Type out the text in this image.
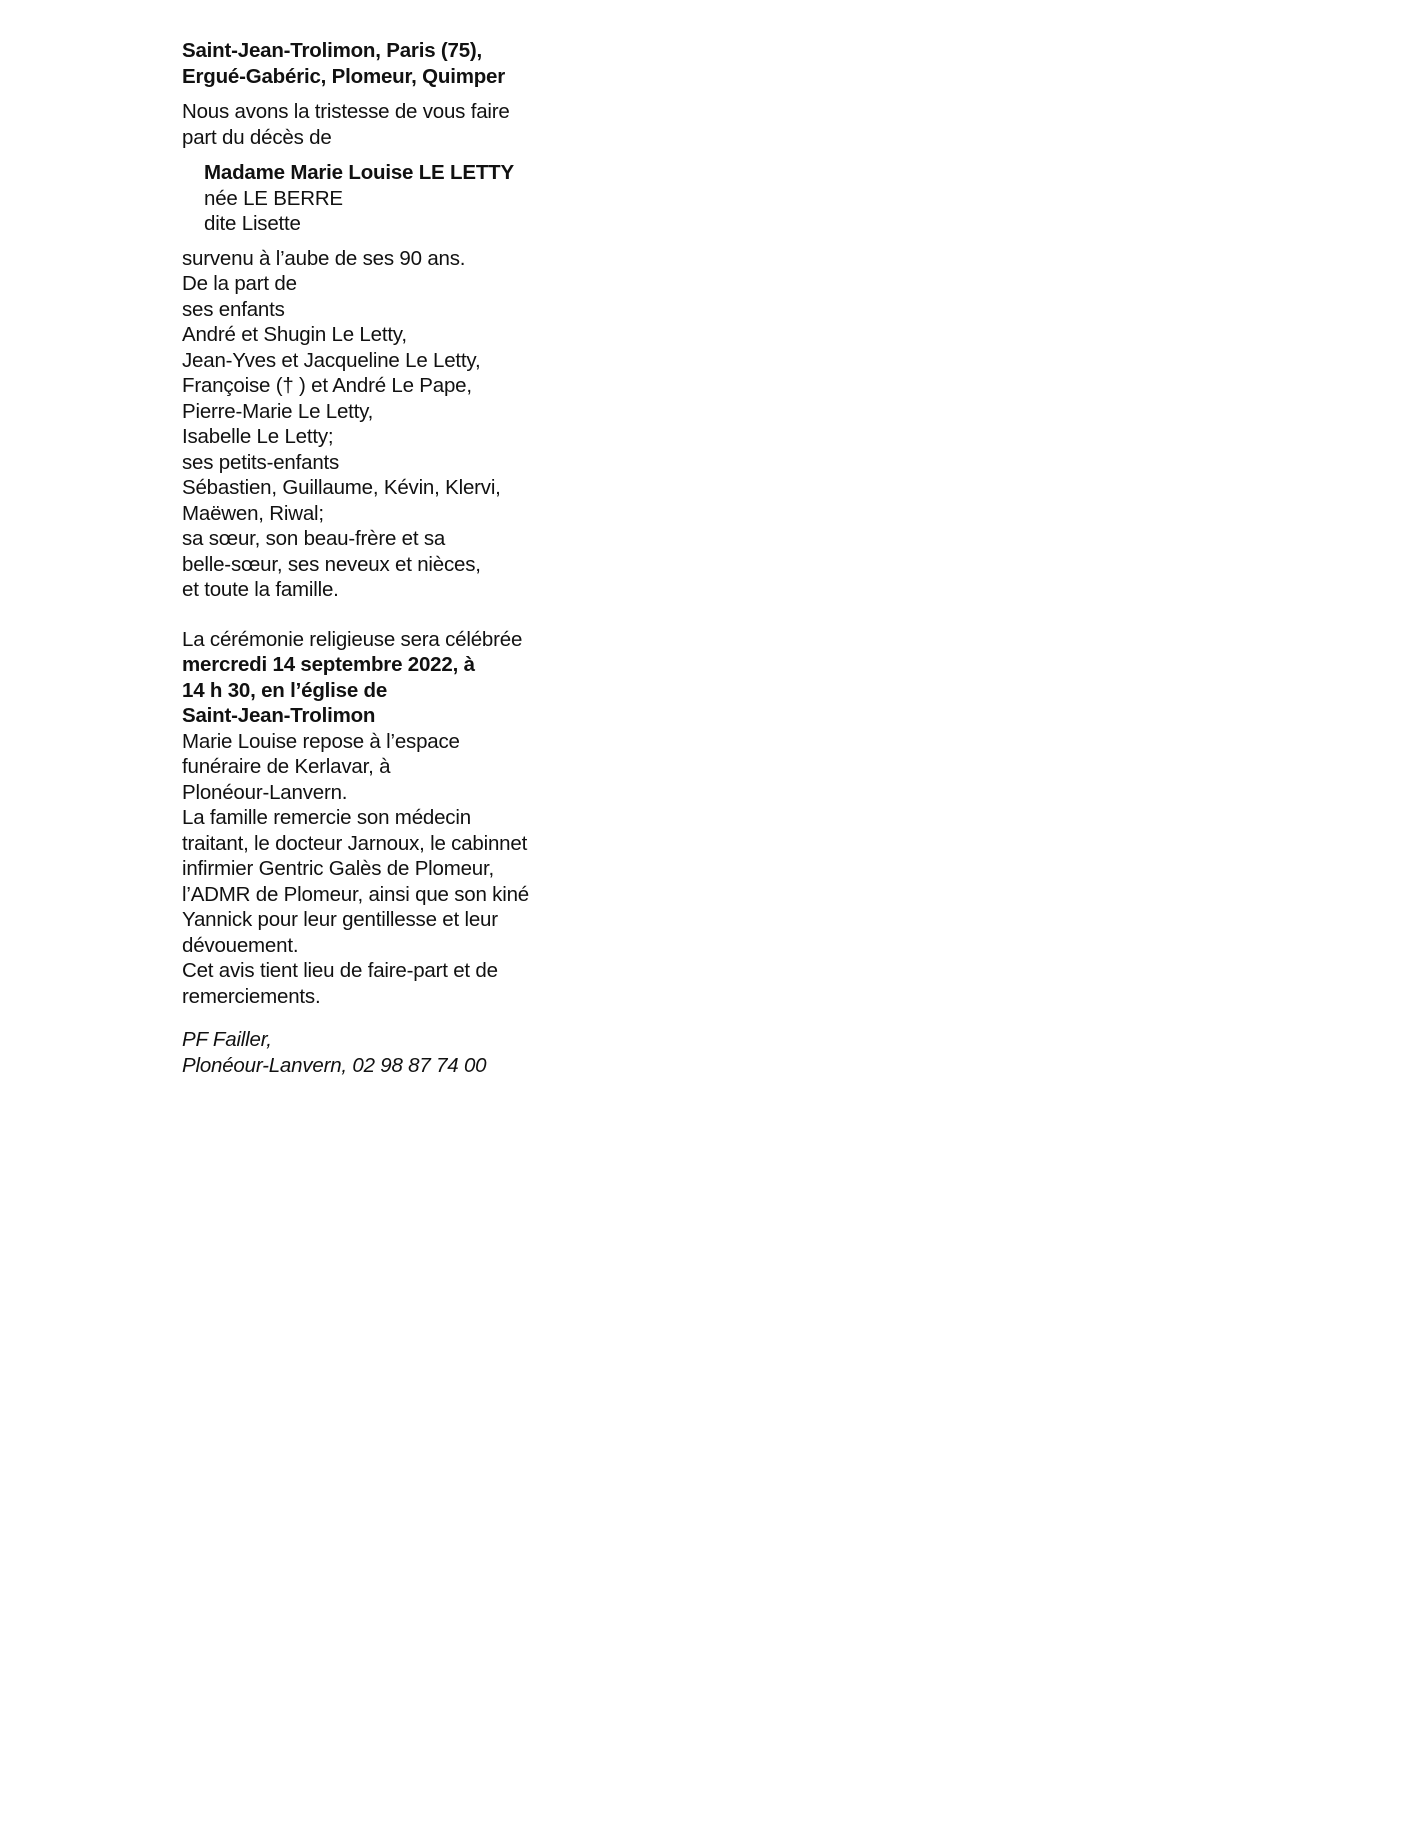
Saint-Jean-Trolimon, Paris (75),
Ergué-Gabéric, Plomeur, Quimper
Nous avons la tristesse de vous faire
part du décès de
Madame Marie Louise LE LETTY
née LE BERRE
dite Lisette
survenu à l’aube de ses 90 ans.
De la part de
ses enfants
André et Shugin Le Letty,
Jean-Yves et Jacqueline Le Letty,
Françoise († ) et André Le Pape,
Pierre-Marie Le Letty,
Isabelle Le Letty;
ses petits-enfants
Sébastien, Guillaume, Kévin, Klervi,
Maëwen, Riwal;
sa sœur, son beau-frère et sa
belle-sœur, ses neveux et nièces,
et toute la famille.
La cérémonie religieuse sera célébrée
mercredi 14 septembre 2022, à
14 h 30, en l’église de
Saint-Jean-Trolimon
Marie Louise repose à l’espace
funéraire de Kerlavar, à
Plonéour-Lanvern.
La famille remercie son médecin
traitant, le docteur Jarnoux, le cabinnet
infirmier Gentric Galès de Plomeur,
l’ADMR de Plomeur, ainsi que son kiné
Yannick pour leur gentillesse et leur
dévouement.
Cet avis tient lieu de faire-part et de
remerciements.
PF Failler,
Plonéour-Lanvern, 02 98 87 74 00
